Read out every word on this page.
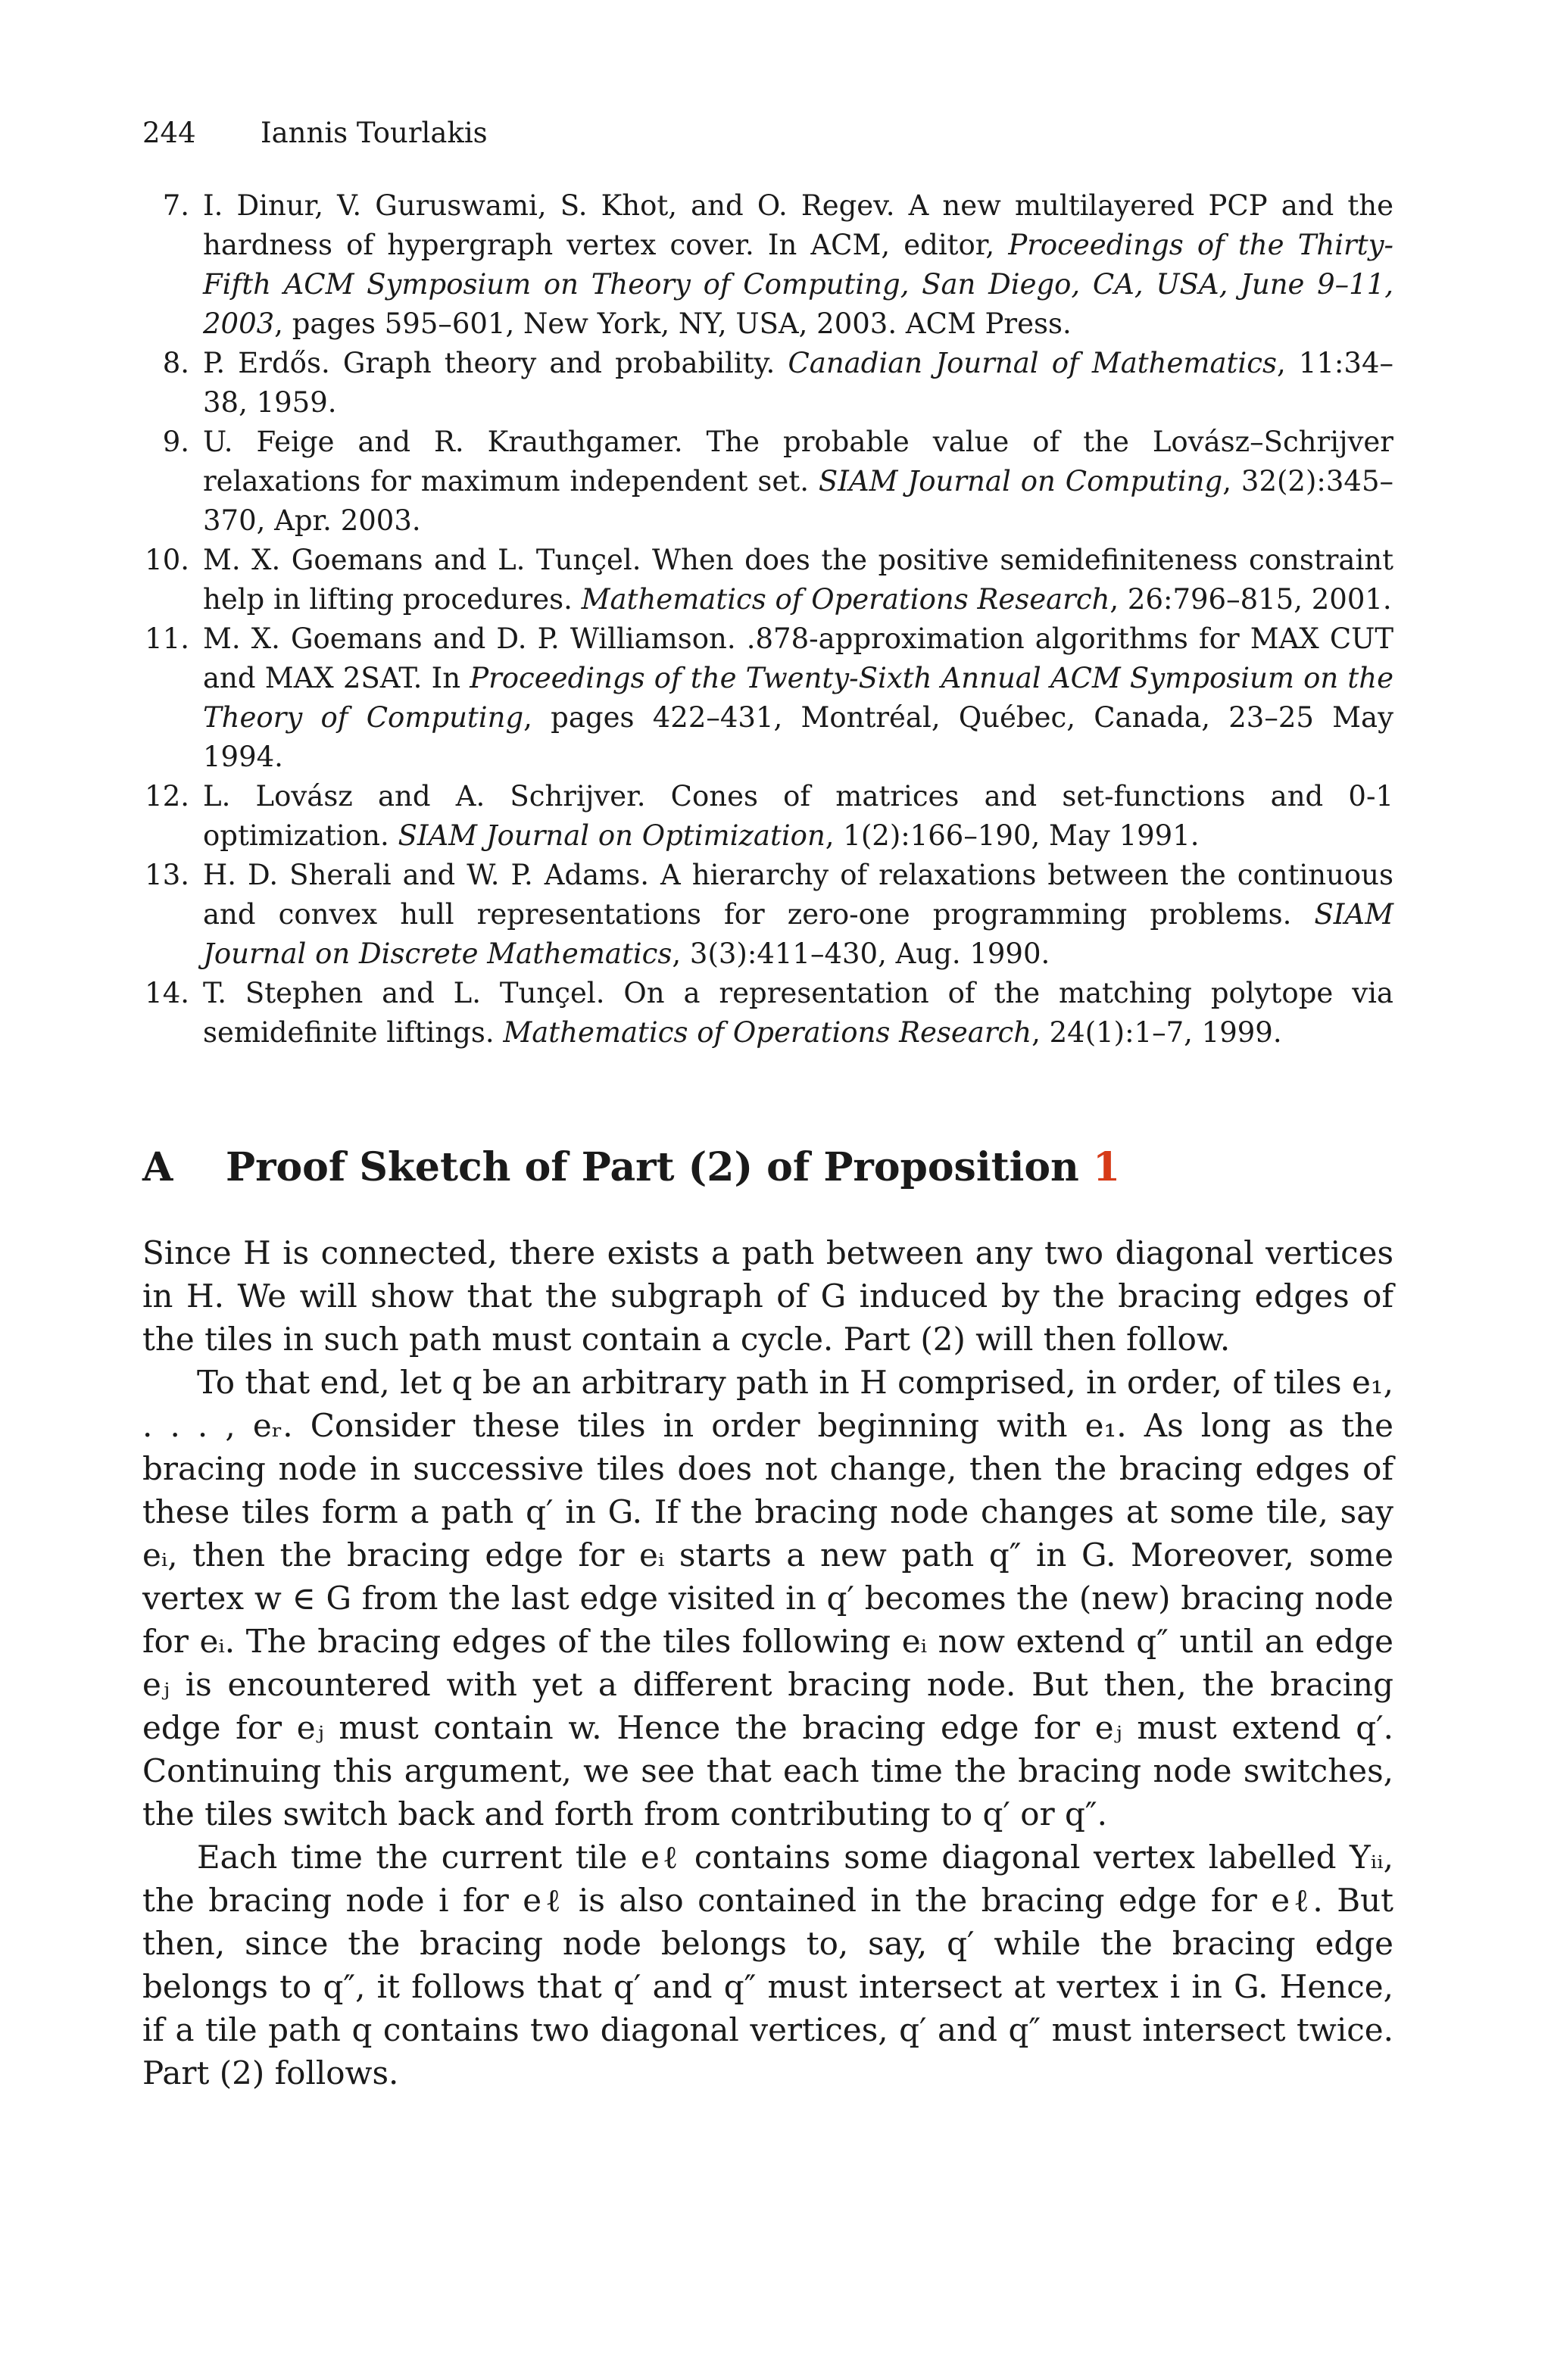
244 Iannis Tourlakis
7. I. Dinur, V. Guruswami, S. Khot, and O. Regev. A new multilayered PCP and the hardness of hypergraph vertex cover. In ACM, editor, Proceedings of the Thirty-Fifth ACM Symposium on Theory of Computing, San Diego, CA, USA, June 9–11, 2003, pages 595–601, New York, NY, USA, 2003. ACM Press.
8. P. Erdős. Graph theory and probability. Canadian Journal of Mathematics, 11:34–38, 1959.
9. U. Feige and R. Krauthgamer. The probable value of the Lovász–Schrijver relaxations for maximum independent set. SIAM Journal on Computing, 32(2):345–370, Apr. 2003.
10. M. X. Goemans and L. Tunçel. When does the positive semidefiniteness constraint help in lifting procedures. Mathematics of Operations Research, 26:796–815, 2001.
11. M. X. Goemans and D. P. Williamson. .878-approximation algorithms for MAX CUT and MAX 2SAT. In Proceedings of the Twenty-Sixth Annual ACM Symposium on the Theory of Computing, pages 422–431, Montréal, Québec, Canada, 23–25 May 1994.
12. L. Lovász and A. Schrijver. Cones of matrices and set-functions and 0-1 optimization. SIAM Journal on Optimization, 1(2):166–190, May 1991.
13. H. D. Sherali and W. P. Adams. A hierarchy of relaxations between the continuous and convex hull representations for zero-one programming problems. SIAM Journal on Discrete Mathematics, 3(3):411–430, Aug. 1990.
14. T. Stephen and L. Tunçel. On a representation of the matching polytope via semidefinite liftings. Mathematics of Operations Research, 24(1):1–7, 1999.
A Proof Sketch of Part (2) of Proposition 1

Since H is connected, there exists a path between any two diagonal vertices in H. We will show that the subgraph of G induced by the bracing edges of the tiles in such path must contain a cycle. Part (2) will then follow.

To that end, let q be an arbitrary path in H comprised, in order, of tiles e₁, . . . , eᵣ. Consider these tiles in order beginning with e₁. As long as the bracing node in successive tiles does not change, then the bracing edges of these tiles form a path q′ in G. If the bracing node changes at some tile, say eᵢ, then the bracing edge for eᵢ starts a new path q″ in G. Moreover, some vertex w ∈ G from the last edge visited in q′ becomes the (new) bracing node for eᵢ. The bracing edges of the tiles following eᵢ now extend q″ until an edge eⱼ is encountered with yet a different bracing node. But then, the bracing edge for eⱼ must contain w. Hence the bracing edge for eⱼ must extend q′. Continuing this argument, we see that each time the bracing node switches, the tiles switch back and forth from contributing to q′ or q″.

Each time the current tile eℓ contains some diagonal vertex labelled Yᵢᵢ, the bracing node i for eℓ is also contained in the bracing edge for eℓ. But then, since the bracing node belongs to, say, q′ while the bracing edge belongs to q″, it follows that q′ and q″ must intersect at vertex i in G. Hence, if a tile path q contains two diagonal vertices, q′ and q″ must intersect twice. Part (2) follows.
